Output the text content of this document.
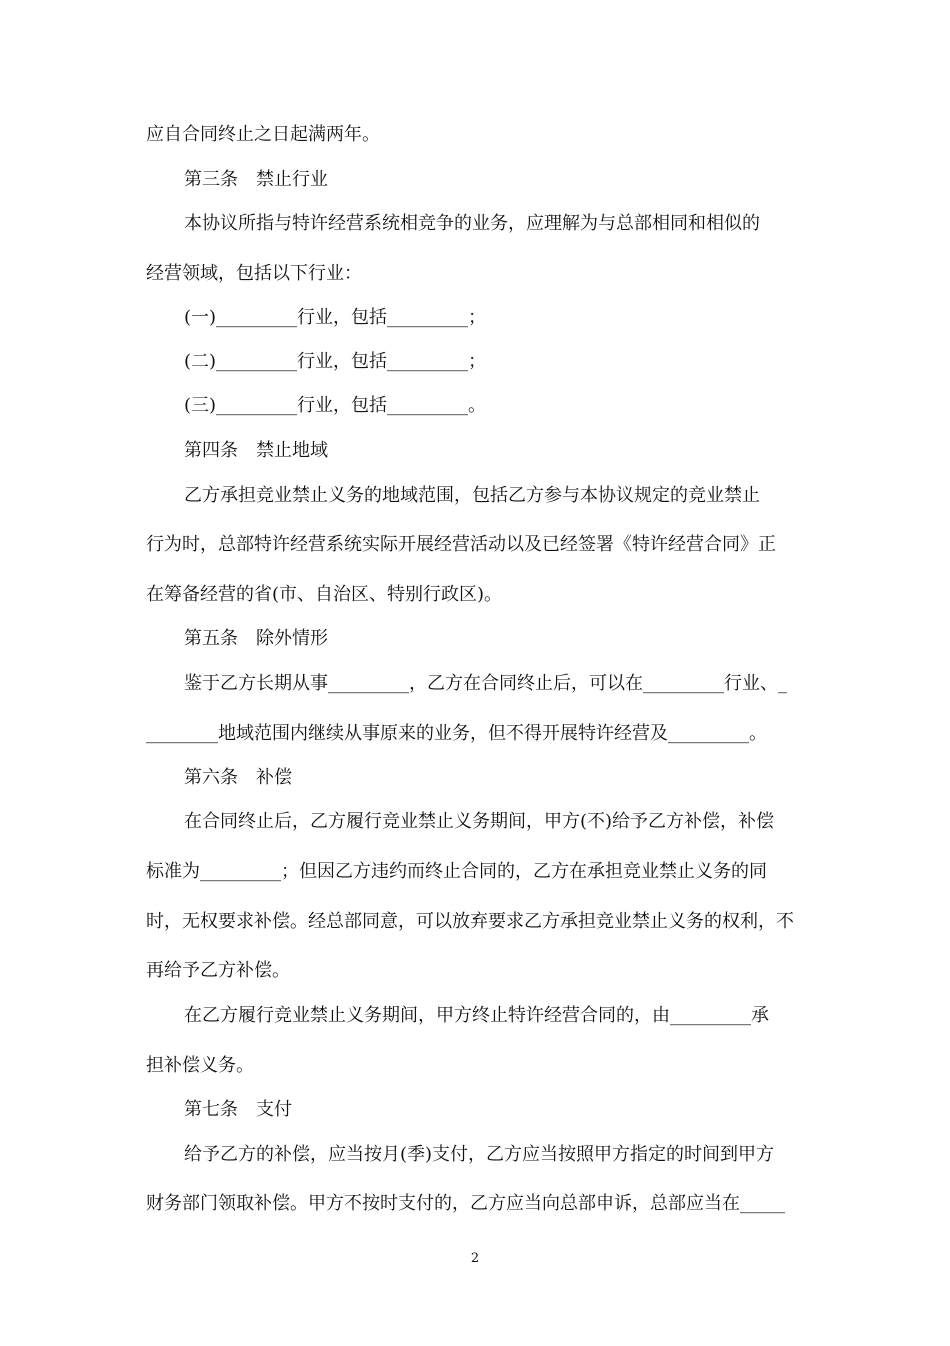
应自合同终止之日起满两年。
第三条　禁止行业
本协议所指与特许经营系统相竞争的业务，应理解为与总部相同和相似的
经营领域，包括以下行业：
(一)_________行业，包括_________；
(二)_________行业，包括_________；
(三)_________行业，包括_________。
第四条　禁止地域
乙方承担竞业禁止义务的地域范围，包括乙方参与本协议规定的竞业禁止
行为时，总部特许经营系统实际开展经营活动以及已经签署《特许经营合同》正
在筹备经营的省(市、自治区、特别行政区)。
第五条　除外情形
鉴于乙方长期从事_________，乙方在合同终止后，可以在_________行业、_
________地域范围内继续从事原来的业务，但不得开展特许经营及_________。
第六条　补偿
在合同终止后，乙方履行竞业禁止义务期间，甲方(不)给予乙方补偿，补偿
标准为_________；但因乙方违约而终止合同的，乙方在承担竞业禁止义务的同
时，无权要求补偿。经总部同意，可以放弃要求乙方承担竞业禁止义务的权利，不
再给予乙方补偿。
在乙方履行竞业禁止义务期间，甲方终止特许经营合同的，由_________承
担补偿义务。
第七条　支付
给予乙方的补偿，应当按月(季)支付，乙方应当按照甲方指定的时间到甲方
财务部门领取补偿。甲方不按时支付的，乙方应当向总部申诉，总部应当在_____
2
